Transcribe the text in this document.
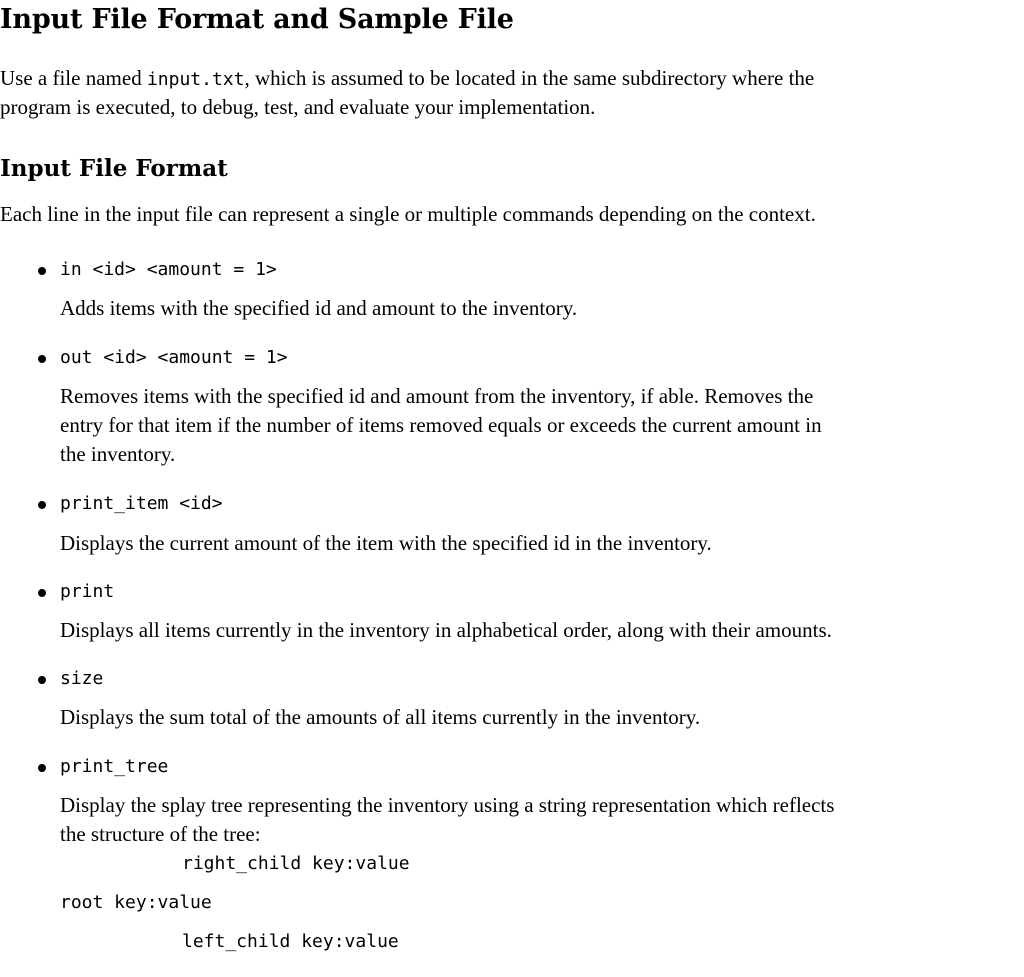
Input File Format and Sample File
Use a file named input.txt, which is assumed to be located in the same subdirectory where the
program is executed, to debug, test, and evaluate your implementation.
Input File Format
Each line in the input file can represent a single or multiple commands depending on the context.
in <id> <amount = 1>
Adds items with the specified id and amount to the inventory.
out <id> <amount = 1>
Removes items with the specified id and amount from the inventory, if able. Removes the
entry for that item if the number of items removed equals or exceeds the current amount in
the inventory.
print_item <id>
Displays the current amount of the item with the specified id in the inventory.
print
Displays all items currently in the inventory in alphabetical order, along with their amounts.
size
Displays the sum total of the amounts of all items currently in the inventory.
print_tree
Display the splay tree representing the inventory using a string representation which reflects
the structure of the tree:
right_child key:value
root key:value
left_child key:value
